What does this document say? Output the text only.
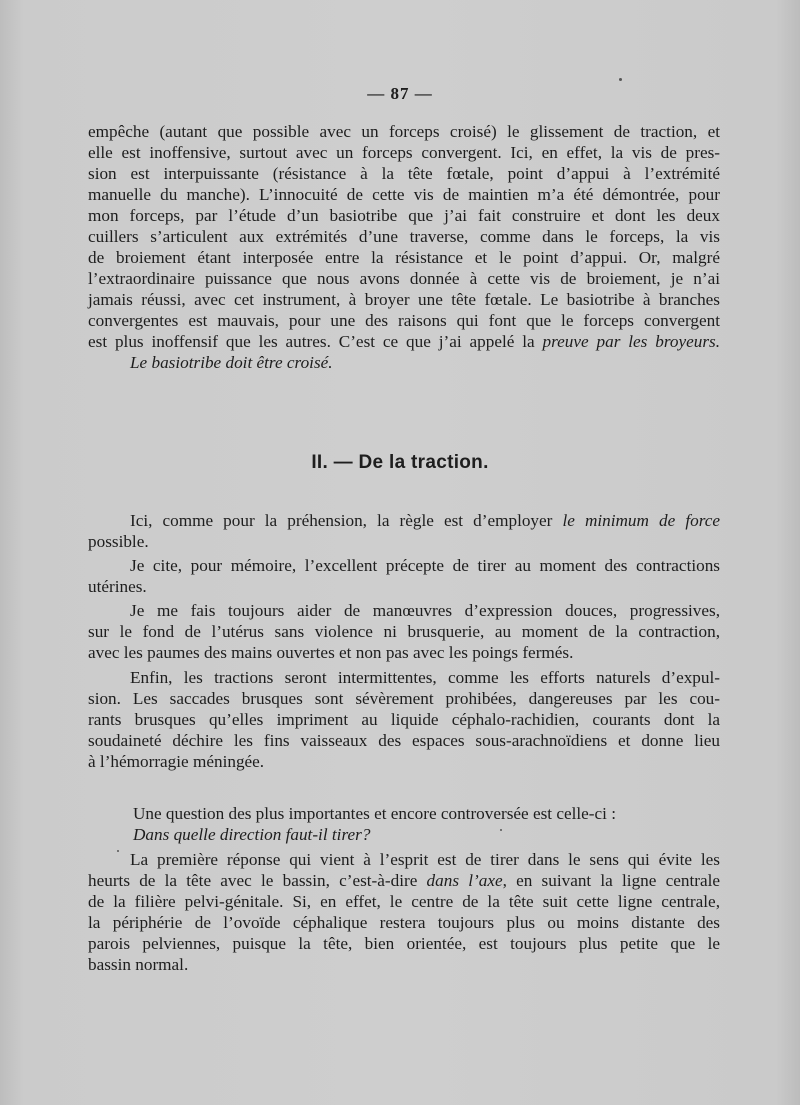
— 87 —
empêche (autant que possible avec un forceps croisé) le glissement de traction, et
elle est inoffensive, surtout avec un forceps convergent. Ici, en effet, la vis de pres-
sion est interpuissante (résistance à la tête fœtale, point d’appui à l’extrémité
manuelle du manche). L’innocuité de cette vis de maintien m’a été démontrée, pour
mon forceps, par l’étude d’un basiotribe que j’ai fait construire et dont les deux
cuillers s’articulent aux extrémités d’une traverse, comme dans le forceps, la vis
de broiement étant interposée entre la résistance et le point d’appui. Or, malgré
l’extraordinaire puissance que nous avons donnée à cette vis de broiement, je n’ai
jamais réussi, avec cet instrument, à broyer une tête fœtale. Le basiotribe à branches
convergentes est mauvais, pour une des raisons qui font que le forceps convergent
est plus inoffensif que les autres. C’est ce que j’ai appelé la preuve par les broyeurs.
Le basiotribe doit être croisé.
II. — De la traction.
Ici, comme pour la préhension, la règle est d’employer le minimum de force
possible.
Je cite, pour mémoire, l’excellent précepte de tirer au moment des contractions
utérines.
Je me fais toujours aider de manœuvres d’expression douces, progressives,
sur le fond de l’utérus sans violence ni brusquerie, au moment de la contraction,
avec les paumes des mains ouvertes et non pas avec les poings fermés.
Enfin, les tractions seront intermittentes, comme les efforts naturels d’expul-
sion. Les saccades brusques sont sévèrement prohibées, dangereuses par les cou-
rants brusques qu’elles impriment au liquide céphalo-rachidien, courants dont la
soudaineté déchire les fins vaisseaux des espaces sous-arachnoïdiens et donne lieu
à l’hémorragie méningée.
Une question des plus importantes et encore controversée est celle-ci :
Dans quelle direction faut-il tirer?
La première réponse qui vient à l’esprit est de tirer dans le sens qui évite les
heurts de la tête avec le bassin, c’est-à-dire dans l’axe, en suivant la ligne centrale
de la filière pelvi-génitale. Si, en effet, le centre de la tête suit cette ligne centrale,
la périphérie de l’ovoïde céphalique restera toujours plus ou moins distante des
parois pelviennes, puisque la tête, bien orientée, est toujours plus petite que le
bassin normal.
